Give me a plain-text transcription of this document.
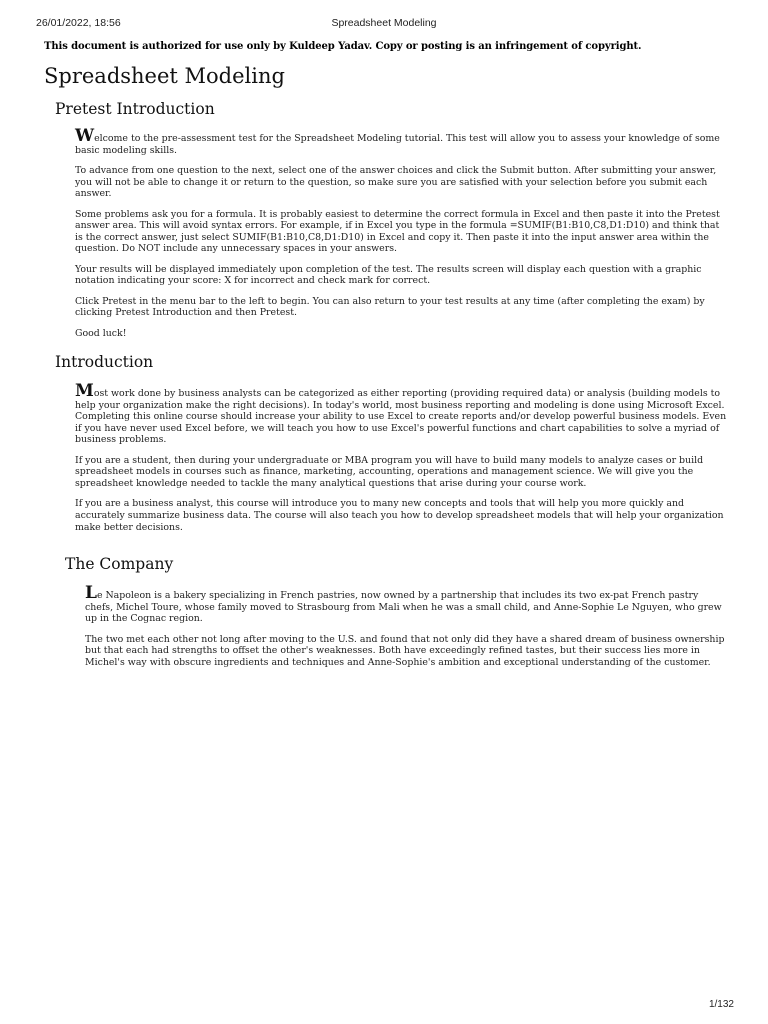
26/01/2022, 18:56	Spreadsheet Modeling
This document is authorized for use only by Kuldeep Yadav. Copy or posting is an infringement of copyright.
Spreadsheet Modeling
Pretest Introduction

Welcome to the pre-assessment test for the Spreadsheet Modeling tutorial. This test will allow you to assess your knowledge of some basic modeling skills.

To advance from one question to the next, select one of the answer choices and click the Submit button. After submitting your answer, you will not be able to change it or return to the question, so make sure you are satisfied with your selection before you submit each answer.

Some problems ask you for a formula. It is probably easiest to determine the correct formula in Excel and then paste it into the Pretest answer area. This will avoid syntax errors. For example, if in Excel you type in the formula =SUMIF(B1:B10,C8,D1:D10) and think that is the correct answer, just select SUMIF(B1:B10,C8,D1:D10) in Excel and copy it. Then paste it into the input answer area within the question. Do NOT include any unnecessary spaces in your answers.

Your results will be displayed immediately upon completion of the test. The results screen will display each question with a graphic notation indicating your score: X for incorrect and check mark for correct.

Click Pretest in the menu bar to the left to begin. You can also return to your test results at any time (after completing the exam) by clicking Pretest Introduction and then Pretest.

Good luck!

Introduction

Most work done by business analysts can be categorized as either reporting (providing required data) or analysis (building models to help your organization make the right decisions). In today's world, most business reporting and modeling is done using Microsoft Excel. Completing this online course should increase your ability to use Excel to create reports and/or develop powerful business models. Even if you have never used Excel before, we will teach you how to use Excel's powerful functions and chart capabilities to solve a myriad of business problems.

If you are a student, then during your undergraduate or MBA program you will have to build many models to analyze cases or build spreadsheet models in courses such as finance, marketing, accounting, operations and management science. We will give you the spreadsheet knowledge needed to tackle the many analytical questions that arise during your course work.

If you are a business analyst, this course will introduce you to many new concepts and tools that will help you more quickly and accurately summarize business data. The course will also teach you how to develop spreadsheet models that will help your organization make better decisions.

The Company

Le Napoleon is a bakery specializing in French pastries, now owned by a partnership that includes its two ex-pat French pastry chefs, Michel Toure, whose family moved to Strasbourg from Mali when he was a small child, and Anne-Sophie Le Nguyen, who grew up in the Cognac region.

The two met each other not long after moving to the U.S. and found that not only did they have a shared dream of business ownership but that each had strengths to offset the other's weaknesses. Both have exceedingly refined tastes, but their success lies more in Michel's way with obscure ingredients and techniques and Anne-Sophie's ambition and exceptional understanding of the customer.

1/132
